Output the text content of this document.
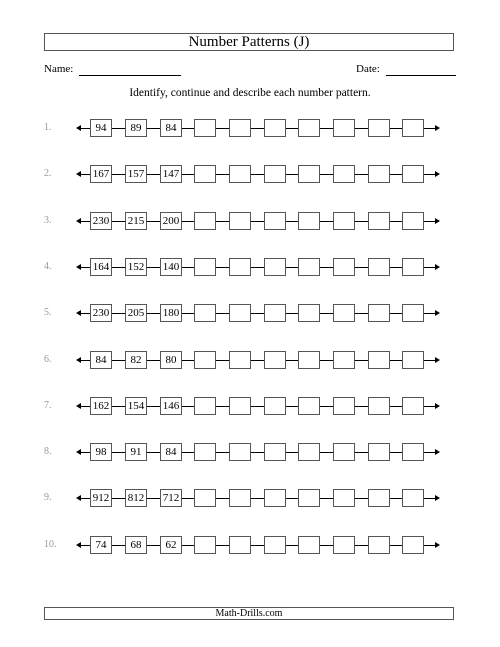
Number Patterns (J)
Name:	Date:
Identify, continue and describe each number pattern.
1.	94	89	84
2.	167 157 147
3.	230 215 200
4.	164 152 140
5.	230 205 180
6.	84	82	80
7.	162 154 146
8.	98	91	84
9.	912 812 712
10.	74	68	62
Math-Drills.com
